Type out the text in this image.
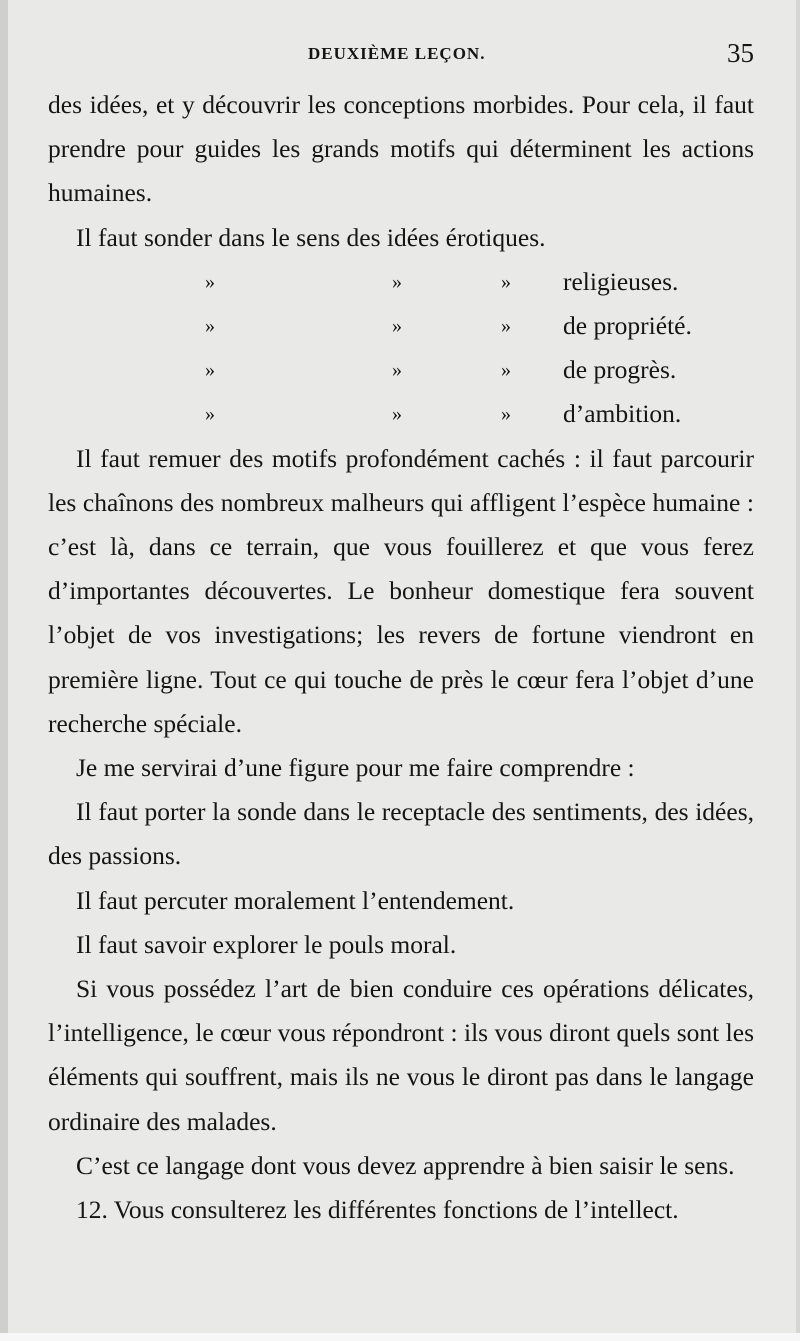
DEUXIÈME LEÇON.	35

des idées, et y découvrir les conceptions morbides. Pour cela, il faut prendre pour guides les grands motifs qui déterminent les actions humaines.

Il faut sonder dans le sens des idées érotiques.

»	»	» religieuses.
»	»	» de propriété.
»	»	» de progrès.
»	»	» d’ambition.

Il faut remuer des motifs profondément cachés : il faut parcourir les chaînons des nombreux malheurs qui affligent l’espèce humaine : c’est là, dans ce terrain, que vous fouillerez et que vous ferez d’importantes découvertes. Le bonheur domestique fera souvent l’objet de vos investigations; les revers de fortune viendront en première ligne. Tout ce qui touche de près le cœur fera l’objet d’une recherche spéciale.

Je me servirai d’une figure pour me faire comprendre :

Il faut porter la sonde dans le receptacle des sentiments, des idées, des passions.

Il faut percuter moralement l’entendement.

Il faut savoir explorer le pouls moral.

Si vous possédez l’art de bien conduire ces opérations délicates, l’intelligence, le cœur vous répondront : ils vous diront quels sont les éléments qui souffrent, mais ils ne vous le diront pas dans le langage ordinaire des malades.

C’est ce langage dont vous devez apprendre à bien saisir le sens.

12. Vous consulterez les différentes fonctions de l’intellect.
